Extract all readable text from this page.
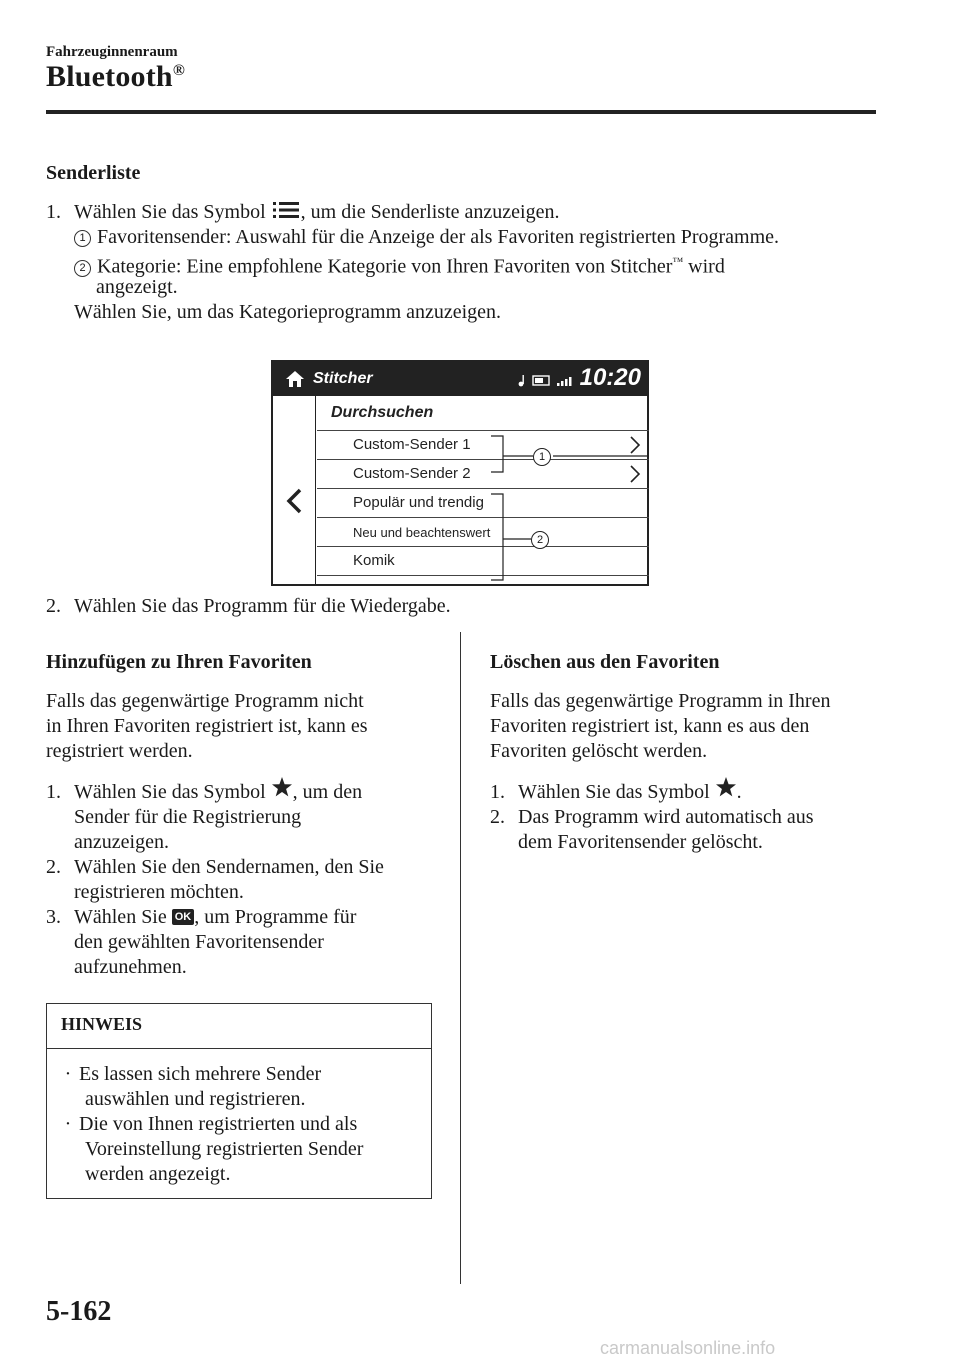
Fahrzeuginnenraum
Bluetooth®
Senderliste
1. Wählen Sie das Symbol , um die Senderliste anzuzeigen.
1 Favoritensender: Auswahl für die Anzeige der als Favoriten registrierten Programme.
2 Kategorie: Eine empfohlene Kategorie von Ihren Favoriten von Stitcher™ wird
angezeigt.
Wählen Sie, um das Kategorieprogramm anzuzeigen.
Stitcher	10:20
Durchsuchen
Custom-Sender 1
Custom-Sender 2
Populär und trendig
Neu und beachtenswert
Komik
1
2
2. Wählen Sie das Programm für die Wiedergabe.
Hinzufügen zu Ihren Favoriten
Falls das gegenwärtige Programm nicht
in Ihren Favoriten registriert ist, kann es
registriert werden.
1. Wählen Sie das Symbol , um den
Sender für die Registrierung
anzuzeigen.
2. Wählen Sie den Sendernamen, den Sie
registrieren möchten.
3. Wählen Sie OK , um Programme für
den gewählten Favoritensender
aufzunehmen.
HINWEIS
· Es lassen sich mehrere Sender
auswählen und registrieren.
· Die von Ihnen registrierten und als
Voreinstellung registrierten Sender
werden angezeigt.
Löschen aus den Favoriten
Falls das gegenwärtige Programm in Ihren
Favoriten registriert ist, kann es aus den
Favoriten gelöscht werden.
1. Wählen Sie das Symbol .
2. Das Programm wird automatisch aus
dem Favoritensender gelöscht.
5-162
carmanualsonline.info
